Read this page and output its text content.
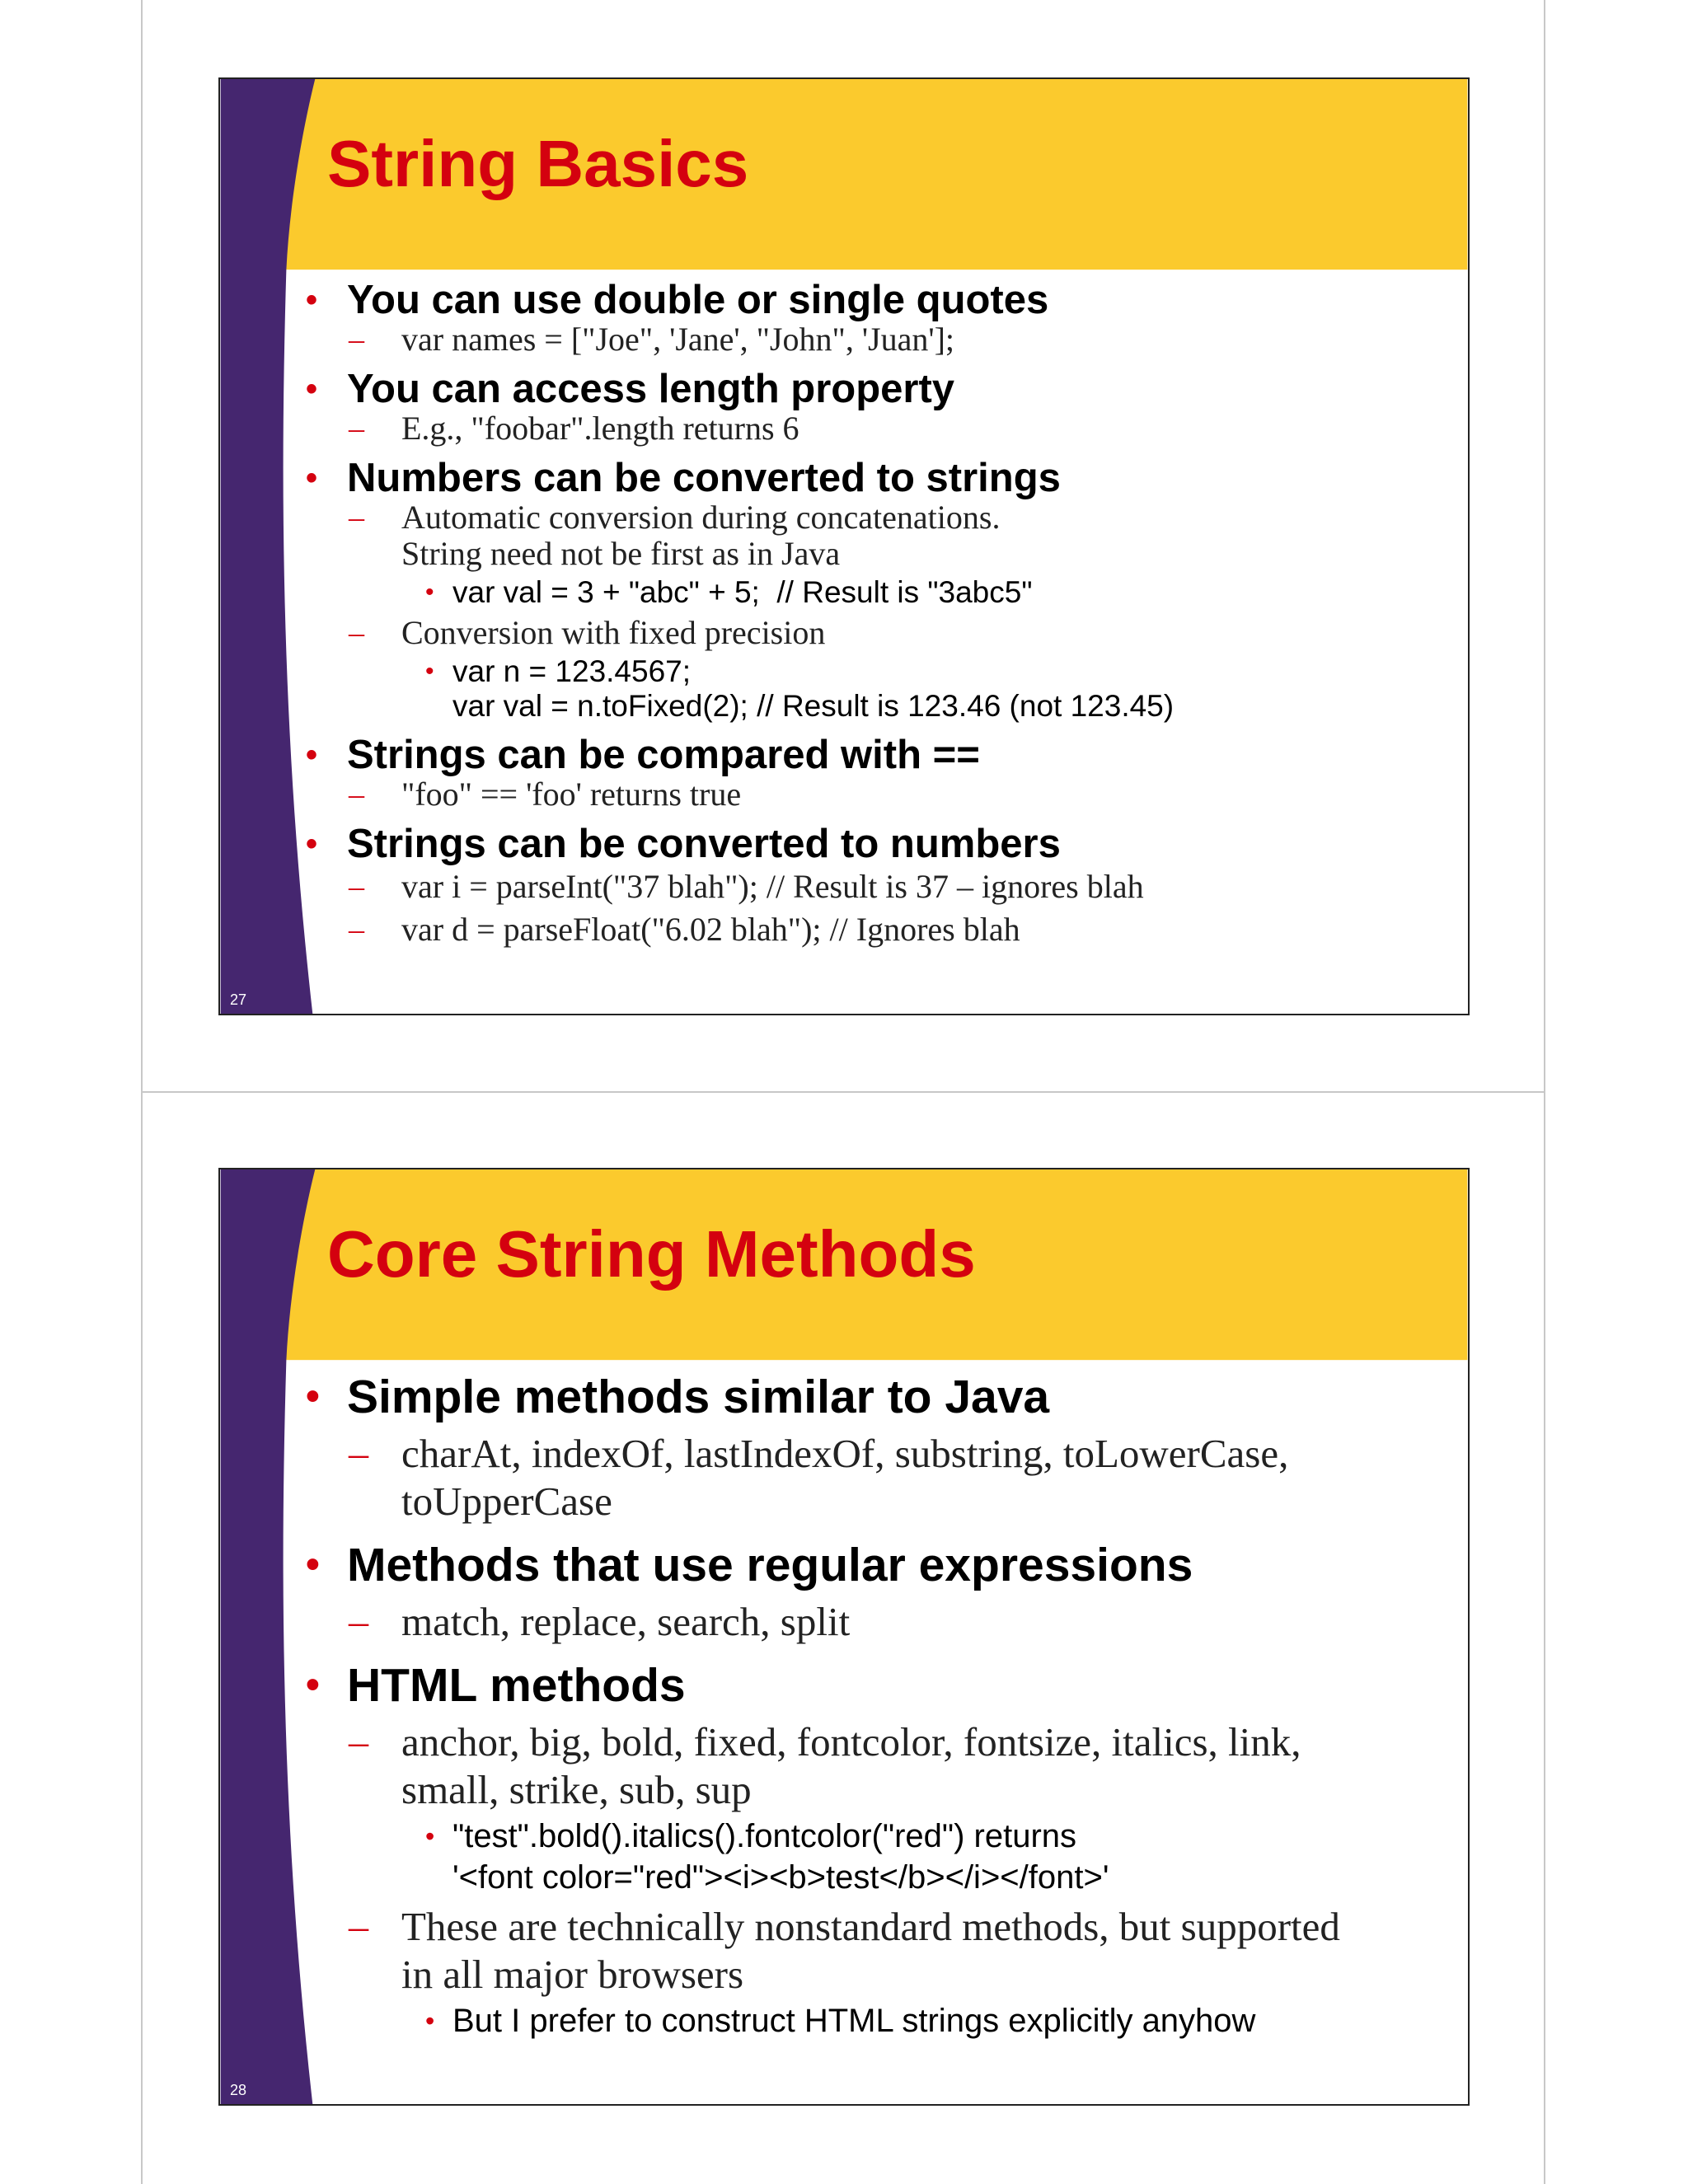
String Basics
• You can use double or single quotes
– var names = ["Joe", 'Jane', "John", 'Juan'];
• You can access length property
– E.g., "foobar".length returns 6
• Numbers can be converted to strings
– Automatic conversion during concatenations.
String need not be first as in Java
• var val = 3 + "abc" + 5;  // Result is "3abc5"
– Conversion with fixed precision
• var n = 123.4567;
var val = n.toFixed(2); // Result is 123.46 (not 123.45)
• Strings can be compared with ==
– "foo" == 'foo' returns true
• Strings can be converted to numbers
– var i = parseInt("37 blah"); // Result is 37 – ignores blah
– var d = parseFloat("6.02 blah"); // Ignores blah
27
Core String Methods
• Simple methods similar to Java
– charAt, indexOf, lastIndexOf, substring, toLowerCase,
toUpperCase
• Methods that use regular expressions
– match, replace, search, split
• HTML methods
– anchor, big, bold, fixed, fontcolor, fontsize, italics, link,
small, strike, sub, sup
• "test".bold().italics().fontcolor("red") returns
'<font color="red"><i><b>test</b></i></font>'
– These are technically nonstandard methods, but supported
in all major browsers
• But I prefer to construct HTML strings explicitly anyhow
28
